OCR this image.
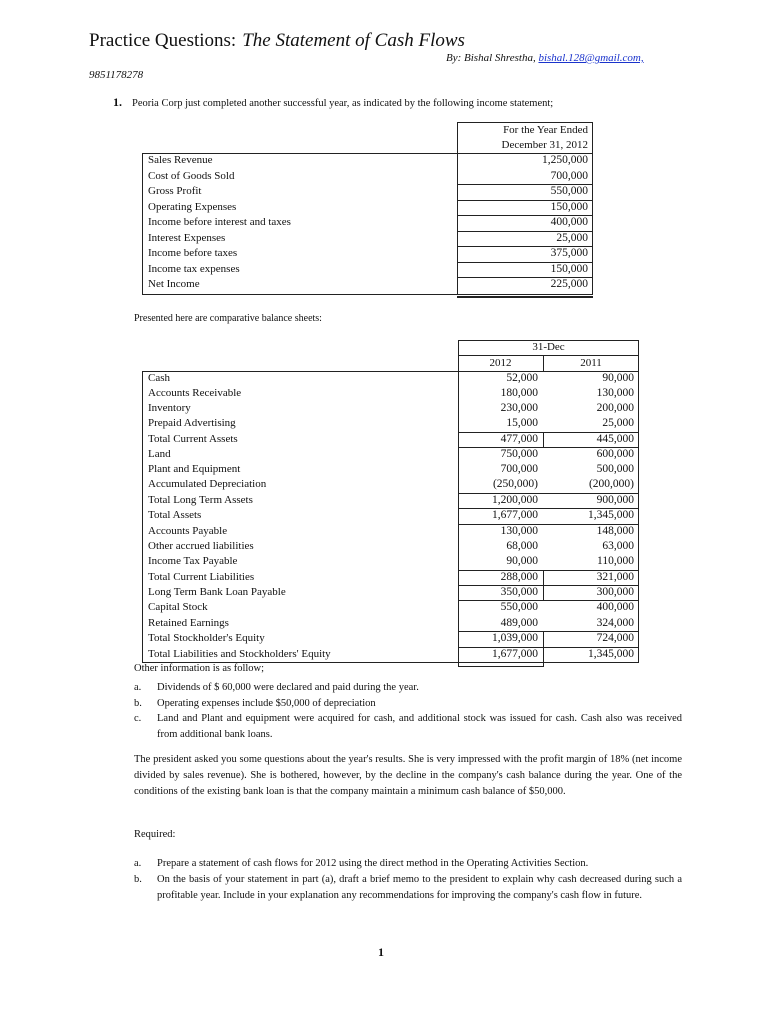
Practice Questions: The Statement of Cash Flows
By: Bishal Shrestha, bishal.128@gmail.com,
9851178278
1. Peoria Corp just completed another successful year, as indicated by the following income statement;
For the Year Ended
December 31, 2012
Sales Revenue	1,250,000
Cost of Goods Sold	700,000
Gross Profit	550,000
Operating Expenses	150,000
Income before interest and taxes	400,000
Interest Expenses	25,000
Income before taxes	375,000
Income tax expenses	150,000
Net Income	225,000
Presented here are comparative balance sheets:
31-Dec
2012	2011
Cash	52,000	90,000
Accounts Receivable	180,000	130,000
Inventory	230,000	200,000
Prepaid Advertising	15,000	25,000
Total Current Assets	477,000	445,000
Land	750,000	600,000
Plant and Equipment	700,000	500,000
Accumulated Depreciation	(250,000)	(200,000)
Total Long Term Assets	1,200,000	900,000
Total Assets	1,677,000	1,345,000
Accounts Payable	130,000	148,000
Other accrued liabilities	68,000	63,000
Income Tax Payable	90,000	110,000
Total Current Liabilities	288,000	321,000
Long Term Bank Loan Payable	350,000	300,000
Capital Stock	550,000	400,000
Retained Earnings	489,000	324,000
Total Stockholder's Equity	1,039,000	724,000
Total Liabilities and Stockholders' Equity	1,677,000	1,345,000
Other information is as follow;
a. Dividends of $ 60,000 were declared and paid during the year.
b. Operating expenses include $50,000 of depreciation
c. Land and Plant and equipment were acquired for cash, and additional stock was issued for cash. Cash also was received from additional bank loans.
The president asked you some questions about the year's results. She is very impressed with the profit margin of 18% (net income divided by sales revenue). She is bothered, however, by the decline in the company's cash balance during the year. One of the conditions of the existing bank loan is that the company maintain a minimum cash balance of $50,000.
Required:
a. Prepare a statement of cash flows for 2012 using the direct method in the Operating Activities Section.
b. On the basis of your statement in part (a), draft a brief memo to the president to explain why cash decreased during such a profitable year. Include in your explanation any recommendations for improving the company's cash flow in future.
1
